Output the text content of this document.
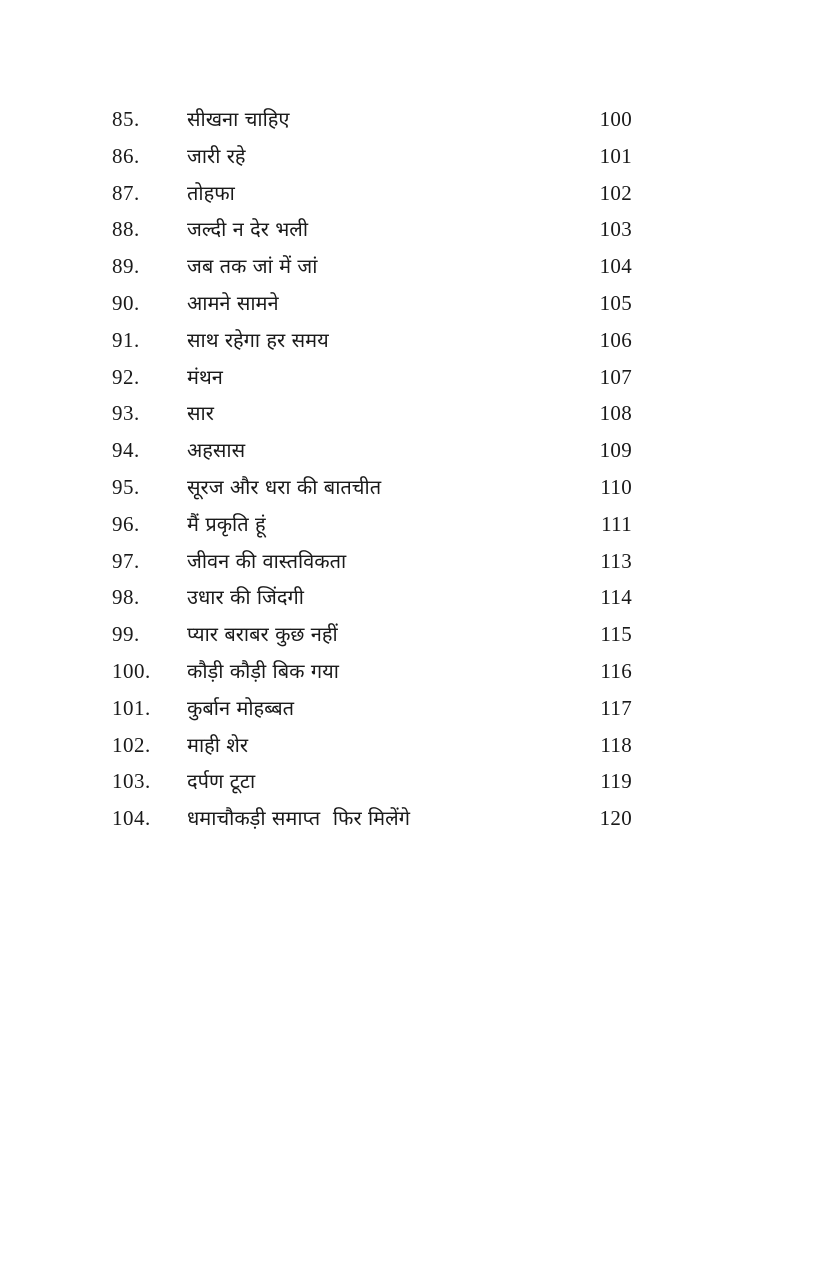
85. सीखना चाहिए	100
86. जारी रहे	101
87. तोहफा	102
88. जल्दी न देर भली	103
89. जब तक जां में जां	104
90. आमने सामने	105
91. साथ रहेगा हर समय	106
92. मंथन	107
93. सार	108
94. अहसास	109
95. सूरज और धरा की बातचीत	110
96. मैं प्रकृति हूं	111
97. जीवन की वास्तविकता	113
98. उधार की जिंदगी	114
99. प्यार बराबर कुछ नहीं	115
100. कौड़ी कौड़ी बिक गया	116
101. कुर्बान मोहब्बत	117
102. माही शेर	118
103. दर्पण टूटा	119
104. धमाचौकड़ी समाप्त  फिर मिलेंगे	120
